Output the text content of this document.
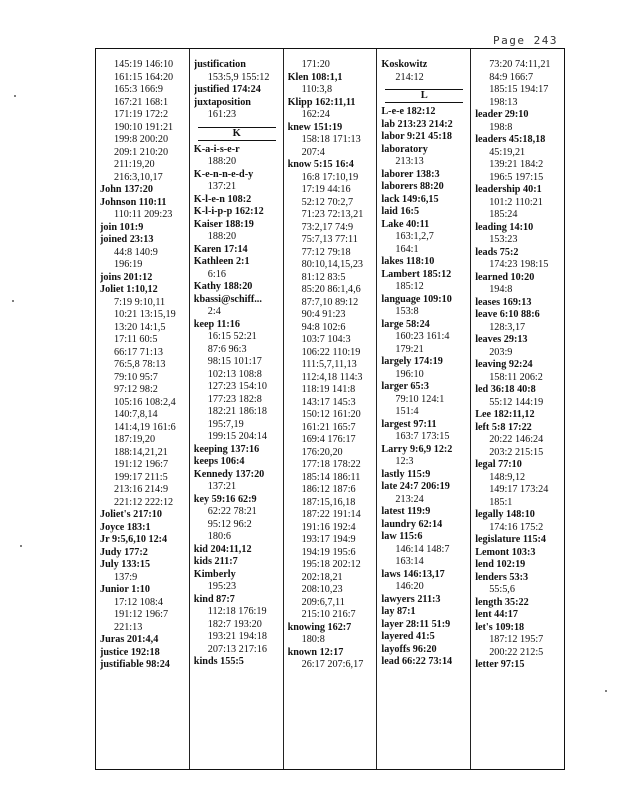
Page 243
145:19 146:10
161:15 164:20
165:3 166:9
167:21 168:1
171:19 172:2
190:10 191:21
199:8 200:20
209:1 210:20
211:19,20
216:3,10,17
John 137:20
Johnson 110:11
110:11 209:23
join 101:9
joined 23:13
44:8 140:9
196:19
joins 201:12
Joliet 1:10,12
7:19 9:10,11
10:21 13:15,19
13:20 14:1,5
17:11 60:5
66:17 71:13
76:5,8 78:13
79:10 95:7
97:12 98:2
105:16 108:2,4
140:7,8,14
141:4,19 161:6
187:19,20
188:14,21,21
191:12 196:7
199:17 211:5
213:16 214:9
221:12 222:12
Joliet's 217:10
Joyce 183:1
Jr 9:5,6,10 12:4
Judy 177:2
July 133:15
137:9
Junior 1:10
17:12 108:4
191:12 196:7
221:13
Juras 201:4,4
justice 192:18
justifiable 98:24
justification
153:5,9 155:12
justified 174:24
juxtaposition
161:23
K
K-a-i-s-e-r
188:20
K-e-n-n-e-d-y
137:21
K-l-e-n 108:2
K-l-i-p-p 162:12
Kaiser 188:19
188:20
Karen 17:14
Kathleen 2:1
6:16
Kathy 188:20
kbassi@schiff...
2:4
keep 11:16
16:15 52:21
87:6 96:3
98:15 101:17
102:13 108:8
127:23 154:10
177:23 182:8
182:21 186:18
195:7,19
199:15 204:14
keeping 137:16
keeps 106:4
Kennedy 137:20
137:21
key 59:16 62:9
62:22 78:21
95:12 96:2
180:6
kid 204:11,12
kids 211:7
Kimberly
195:23
kind 87:7
112:18 176:19
182:7 193:20
193:21 194:18
207:13 217:16
kinds 155:5
171:20
Klen 108:1,1
110:3,8
Klipp 162:11,11
162:24
knew 151:19
158:18 171:13
207:4
know 5:15 16:4
16:8 17:10,19
17:19 44:16
52:12 70:2,7
71:23 72:13,21
73:2,17 74:9
75:7,13 77:11
77:12 79:18
80:10,14,15,23
81:12 83:5
85:20 86:1,4,6
87:7,10 89:12
90:4 91:23
94:8 102:6
103:7 104:3
106:22 110:19
111:5,7,11,13
112:4,18 114:3
118:19 141:8
143:17 145:3
150:12 161:20
161:21 165:7
169:4 176:17
176:20,20
177:18 178:22
185:14 186:11
186:12 187:6
187:15,16,18
187:22 191:14
191:16 192:4
193:17 194:9
194:19 195:6
195:18 202:12
202:18,21
208:10,23
209:6,7,11
215:10 216:7
knowing 162:7
180:8
known 12:17
26:17 207:6,17
Koskowitz
214:12
L
L-e-e 182:12
lab 213:23 214:2
labor 9:21 45:18
laboratory
213:13
laborer 138:3
laborers 88:20
lack 149:6,15
laid 16:5
Lake 40:11
163:1,2,7
164:1
lakes 118:10
Lambert 185:12
185:12
language 109:10
153:8
large 58:24
160:23 161:4
179:21
largely 174:19
196:10
larger 65:3
79:10 124:1
151:4
largest 97:11
163:7 173:15
Larry 9:6,9 12:2
12:3
lastly 115:9
late 24:7 206:19
213:24
latest 119:9
laundry 62:14
law 115:6
146:14 148:7
163:14
laws 146:13,17
146:20
lawyers 211:3
lay 87:1
layer 28:11 51:9
layered 41:5
layoffs 96:20
lead 66:22 73:14
73:20 74:11,21
84:9 166:7
185:15 194:17
198:13
leader 29:10
198:8
leaders 45:18,18
45:19,21
139:21 184:2
196:5 197:15
leadership 40:1
101:2 110:21
185:24
leading 14:10
153:23
leads 75:2
174:23 198:15
learned 10:20
194:8
leases 169:13
leave 6:10 88:6
128:3,17
leaves 29:13
203:9
leaving 92:24
158:11 206:2
led 36:18 40:8
55:12 144:19
Lee 182:11,12
left 5:8 17:22
20:22 146:24
203:2 215:15
legal 77:10
148:9,12
149:17 173:24
185:1
legally 148:10
174:16 175:2
legislature 115:4
Lemont 103:3
lend 102:19
lenders 53:3
55:5,6
length 35:22
lent 44:17
let's 109:18
187:12 195:7
200:22 212:5
letter 97:15
